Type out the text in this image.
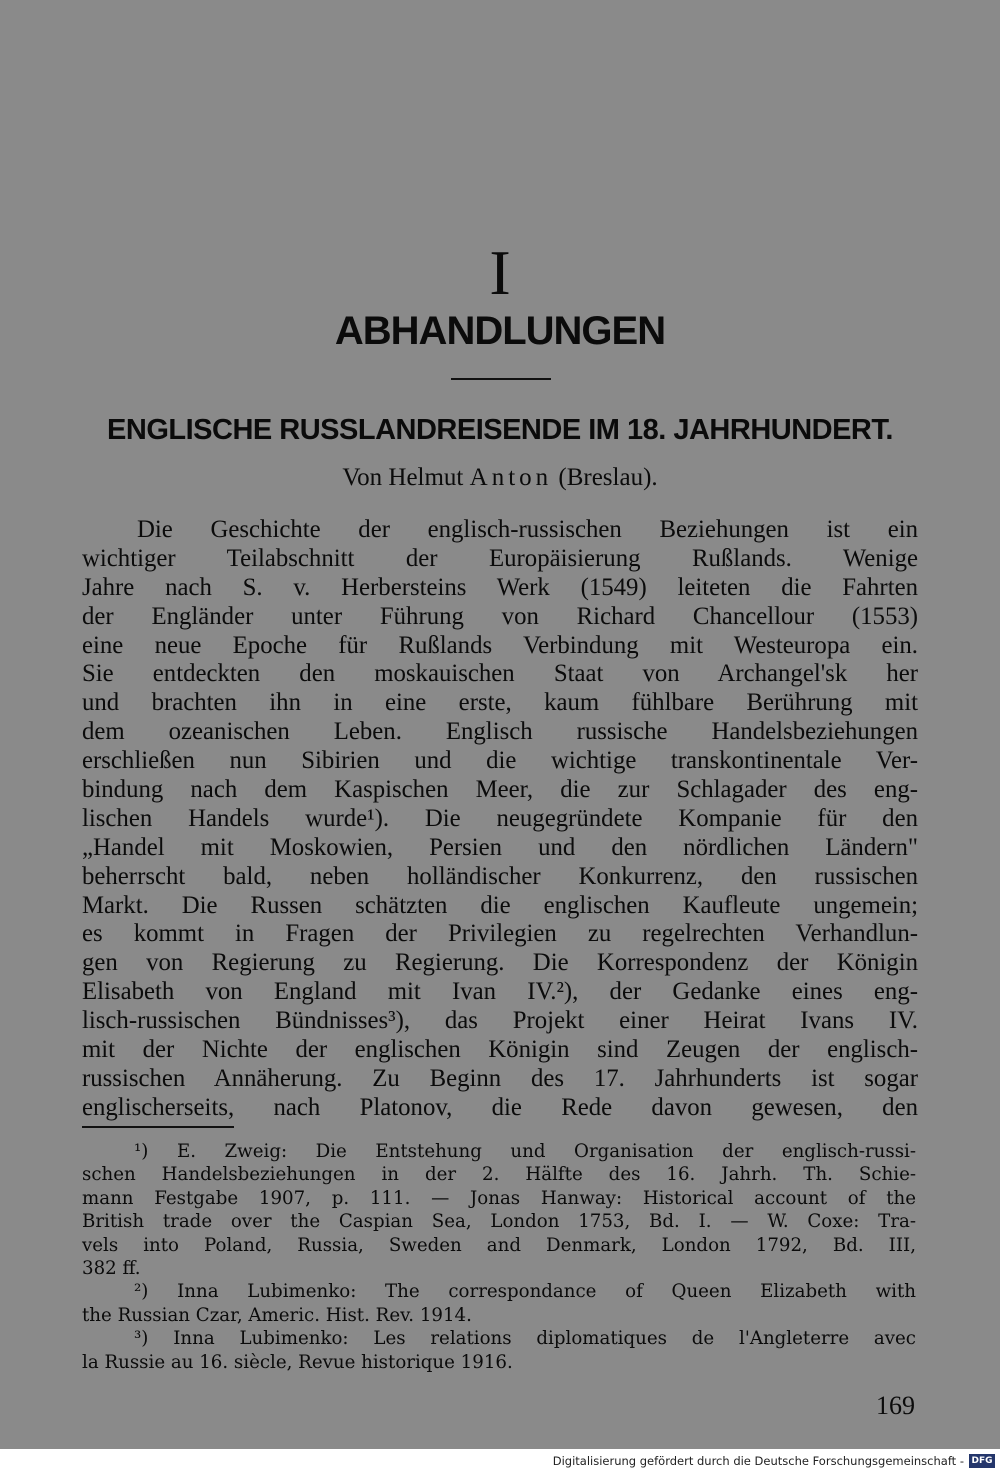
I
ABHANDLUNGEN
ENGLISCHE RUSSLANDREISENDE IM 18. JAHRHUNDERT.
Von Helmut Anton (Breslau).
Die Geschichte der englisch-russischen Beziehungen ist ein
wichtiger Teilabschnitt der Europäisierung Rußlands. Wenige
Jahre nach S. v. Herbersteins Werk (1549) leiteten die Fahrten
der Engländer unter Führung von Richard Chancellour (1553)
eine neue Epoche für Rußlands Verbindung mit Westeuropa ein.
Sie entdeckten den moskauischen Staat von Archangel'sk her
und brachten ihn in eine erste, kaum fühlbare Berührung mit
dem ozeanischen Leben. Englisch russische Handelsbeziehungen
erschließen nun Sibirien und die wichtige transkontinentale Ver-
bindung nach dem Kaspischen Meer, die zur Schlagader des eng-
lischen Handels wurde¹). Die neugegründete Kompanie für den
„Handel mit Moskowien, Persien und den nördlichen Ländern"
beherrscht bald, neben holländischer Konkurrenz, den russischen
Markt. Die Russen schätzten die englischen Kaufleute ungemein;
es kommt in Fragen der Privilegien zu regelrechten Verhandlun-
gen von Regierung zu Regierung. Die Korrespondenz der Königin
Elisabeth von England mit Ivan IV.²), der Gedanke eines eng-
lisch-russischen Bündnisses³), das Projekt einer Heirat Ivans IV.
mit der Nichte der englischen Königin sind Zeugen der englisch-
russischen Annäherung. Zu Beginn des 17. Jahrhunderts ist sogar
englischerseits, nach Platonov, die Rede davon gewesen, den
¹) E. Zweig: Die Entstehung und Organisation der englisch-russi-
schen Handelsbeziehungen in der 2. Hälfte des 16. Jahrh. Th. Schie-
mann Festgabe 1907, p. 111. — Jonas Hanway: Historical account of the
British trade over the Caspian Sea, London 1753, Bd. I. — W. Coxe: Tra-
vels into Poland, Russia, Sweden and Denmark, London 1792, Bd. III,
382 ff.
²) Inna Lubimenko: The correspondance of Queen Elizabeth with
the Russian Czar, Americ. Hist. Rev. 1914.
³) Inna Lubimenko: Les relations diplomatiques de l'Angleterre avec
la Russie au 16. siècle, Revue historique 1916.
169
Digitalisierung gefördert durch die Deutsche Forschungsgemeinschaft - DFG
